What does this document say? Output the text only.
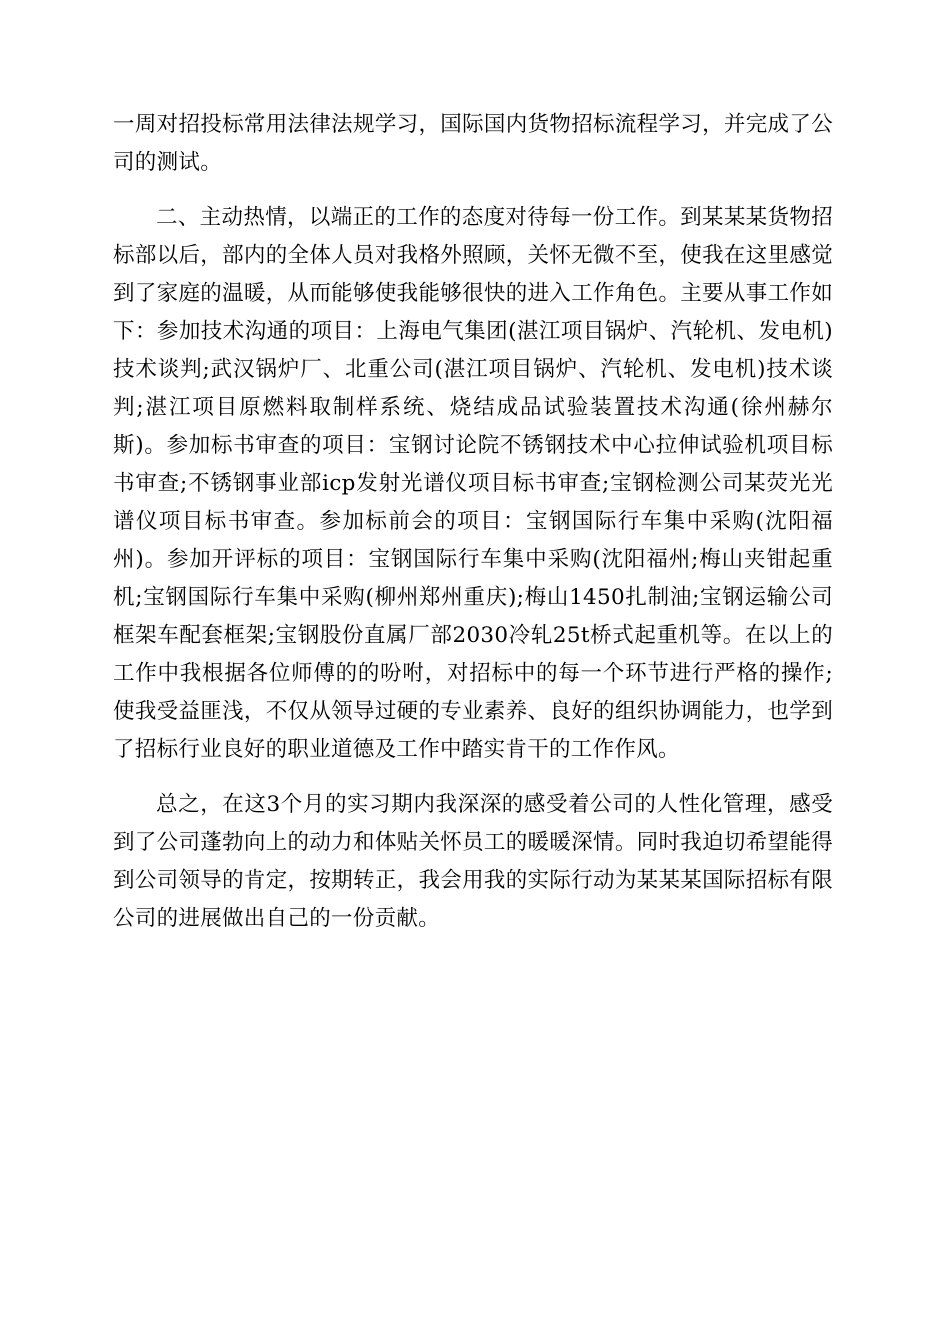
一周对招投标常用法律法规学习，国际国内货物招标流程学习，并完成了公司的测试。

二、主动热情，以端正的工作的态度对待每一份工作。到某某某货物招标部以后，部内的全体人员对我格外照顾，关怀无微不至，使我在这里感觉到了家庭的温暖，从而能够使我能够很快的进入工作角色。主要从事工作如下：参加技术沟通的项目：上海电气集团(湛江项目锅炉、汽轮机、发电机)技术谈判;武汉锅炉厂、北重公司(湛江项目锅炉、汽轮机、发电机)技术谈判;湛江项目原燃料取制样系统、烧结成品试验装置技术沟通(徐州赫尔斯)。参加标书审查的项目：宝钢讨论院不锈钢技术中心拉伸试验机项目标书审查;不锈钢事业部icp发射光谱仪项目标书审查;宝钢检测公司某荧光光谱仪项目标书审查。参加标前会的项目：宝钢国际行车集中采购(沈阳福州)。参加开评标的项目：宝钢国际行车集中采购(沈阳福州;梅山夹钳起重机;宝钢国际行车集中采购(柳州郑州重庆);梅山1450扎制油;宝钢运输公司框架车配套框架;宝钢股份直属厂部2030冷轧25t桥式起重机等。在以上的工作中我根据各位师傅的的吩咐，对招标中的每一个环节进行严格的操作;使我受益匪浅，不仅从领导过硬的专业素养、良好的组织协调能力，也学到了招标行业良好的职业道德及工作中踏实肯干的工作作风。

总之，在这3个月的实习期内我深深的感受着公司的人性化管理，感受到了公司蓬勃向上的动力和体贴关怀员工的暖暖深情。同时我迫切希望能得到公司领导的肯定，按期转正，我会用我的实际行动为某某某国际招标有限公司的进展做出自己的一份贡献。
